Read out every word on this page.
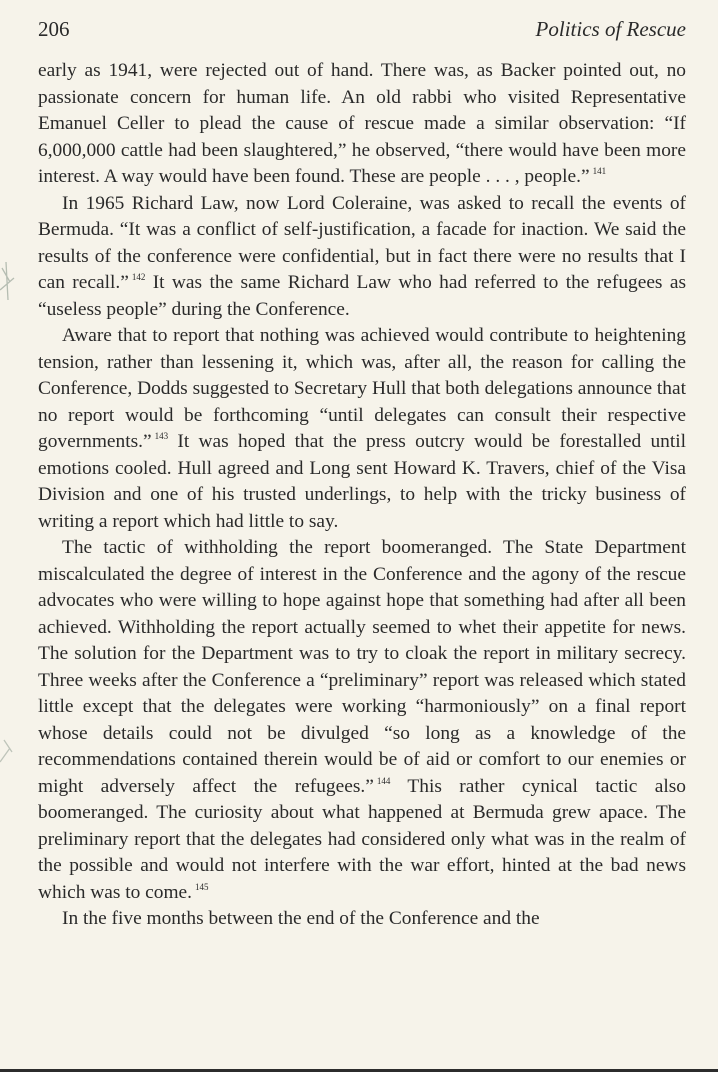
206	Politics of Rescue

early as 1941, were rejected out of hand. There was, as Backer pointed out, no passionate concern for human life. An old rabbi who visited Representative Emanuel Celler to plead the cause of rescue made a similar observation: “If 6,000,000 cattle had been slaughtered,” he observed, “there would have been more interest. A way would have been found. These are people . . . , people.” $^{141}$

In 1965 Richard Law, now Lord Coleraine, was asked to recall the events of Bermuda. “It was a conflict of self-justification, a facade for inaction. We said the results of the conference were confidential, but in fact there were no results that I can recall.” $^{142}$ It was the same Richard Law who had referred to the refugees as “useless people” during the Conference.

Aware that to report that nothing was achieved would contribute to heightening tension, rather than lessening it, which was, after all, the reason for calling the Conference, Dodds suggested to Secretary Hull that both delegations announce that no report would be forthcoming “until delegates can consult their respective governments.” $^{143}$ It was hoped that the press outcry would be forestalled until emotions cooled. Hull agreed and Long sent Howard K. Travers, chief of the Visa Division and one of his trusted underlings, to help with the tricky business of writing a report which had little to say.

The tactic of withholding the report boomeranged. The State Department miscalculated the degree of interest in the Conference and the agony of the rescue advocates who were willing to hope against hope that something had after all been achieved. Withholding the report actually seemed to whet their appetite for news. The solution for the Department was to try to cloak the report in military secrecy. Three weeks after the Conference a “preliminary” report was released which stated little except that the delegates were working “harmoniously” on a final report whose details could not be divulged “so long as a knowledge of the recommendations contained therein would be of aid or comfort to our enemies or might adversely affect the refugees.” $^{144}$ This rather cynical tactic also boomeranged. The curiosity about what happened at Bermuda grew apace. The preliminary report that the delegates had considered only what was in the realm of the possible and would not interfere with the war effort, hinted at the bad news which was to come. $^{145}$

In the five months between the end of the Conference and the
